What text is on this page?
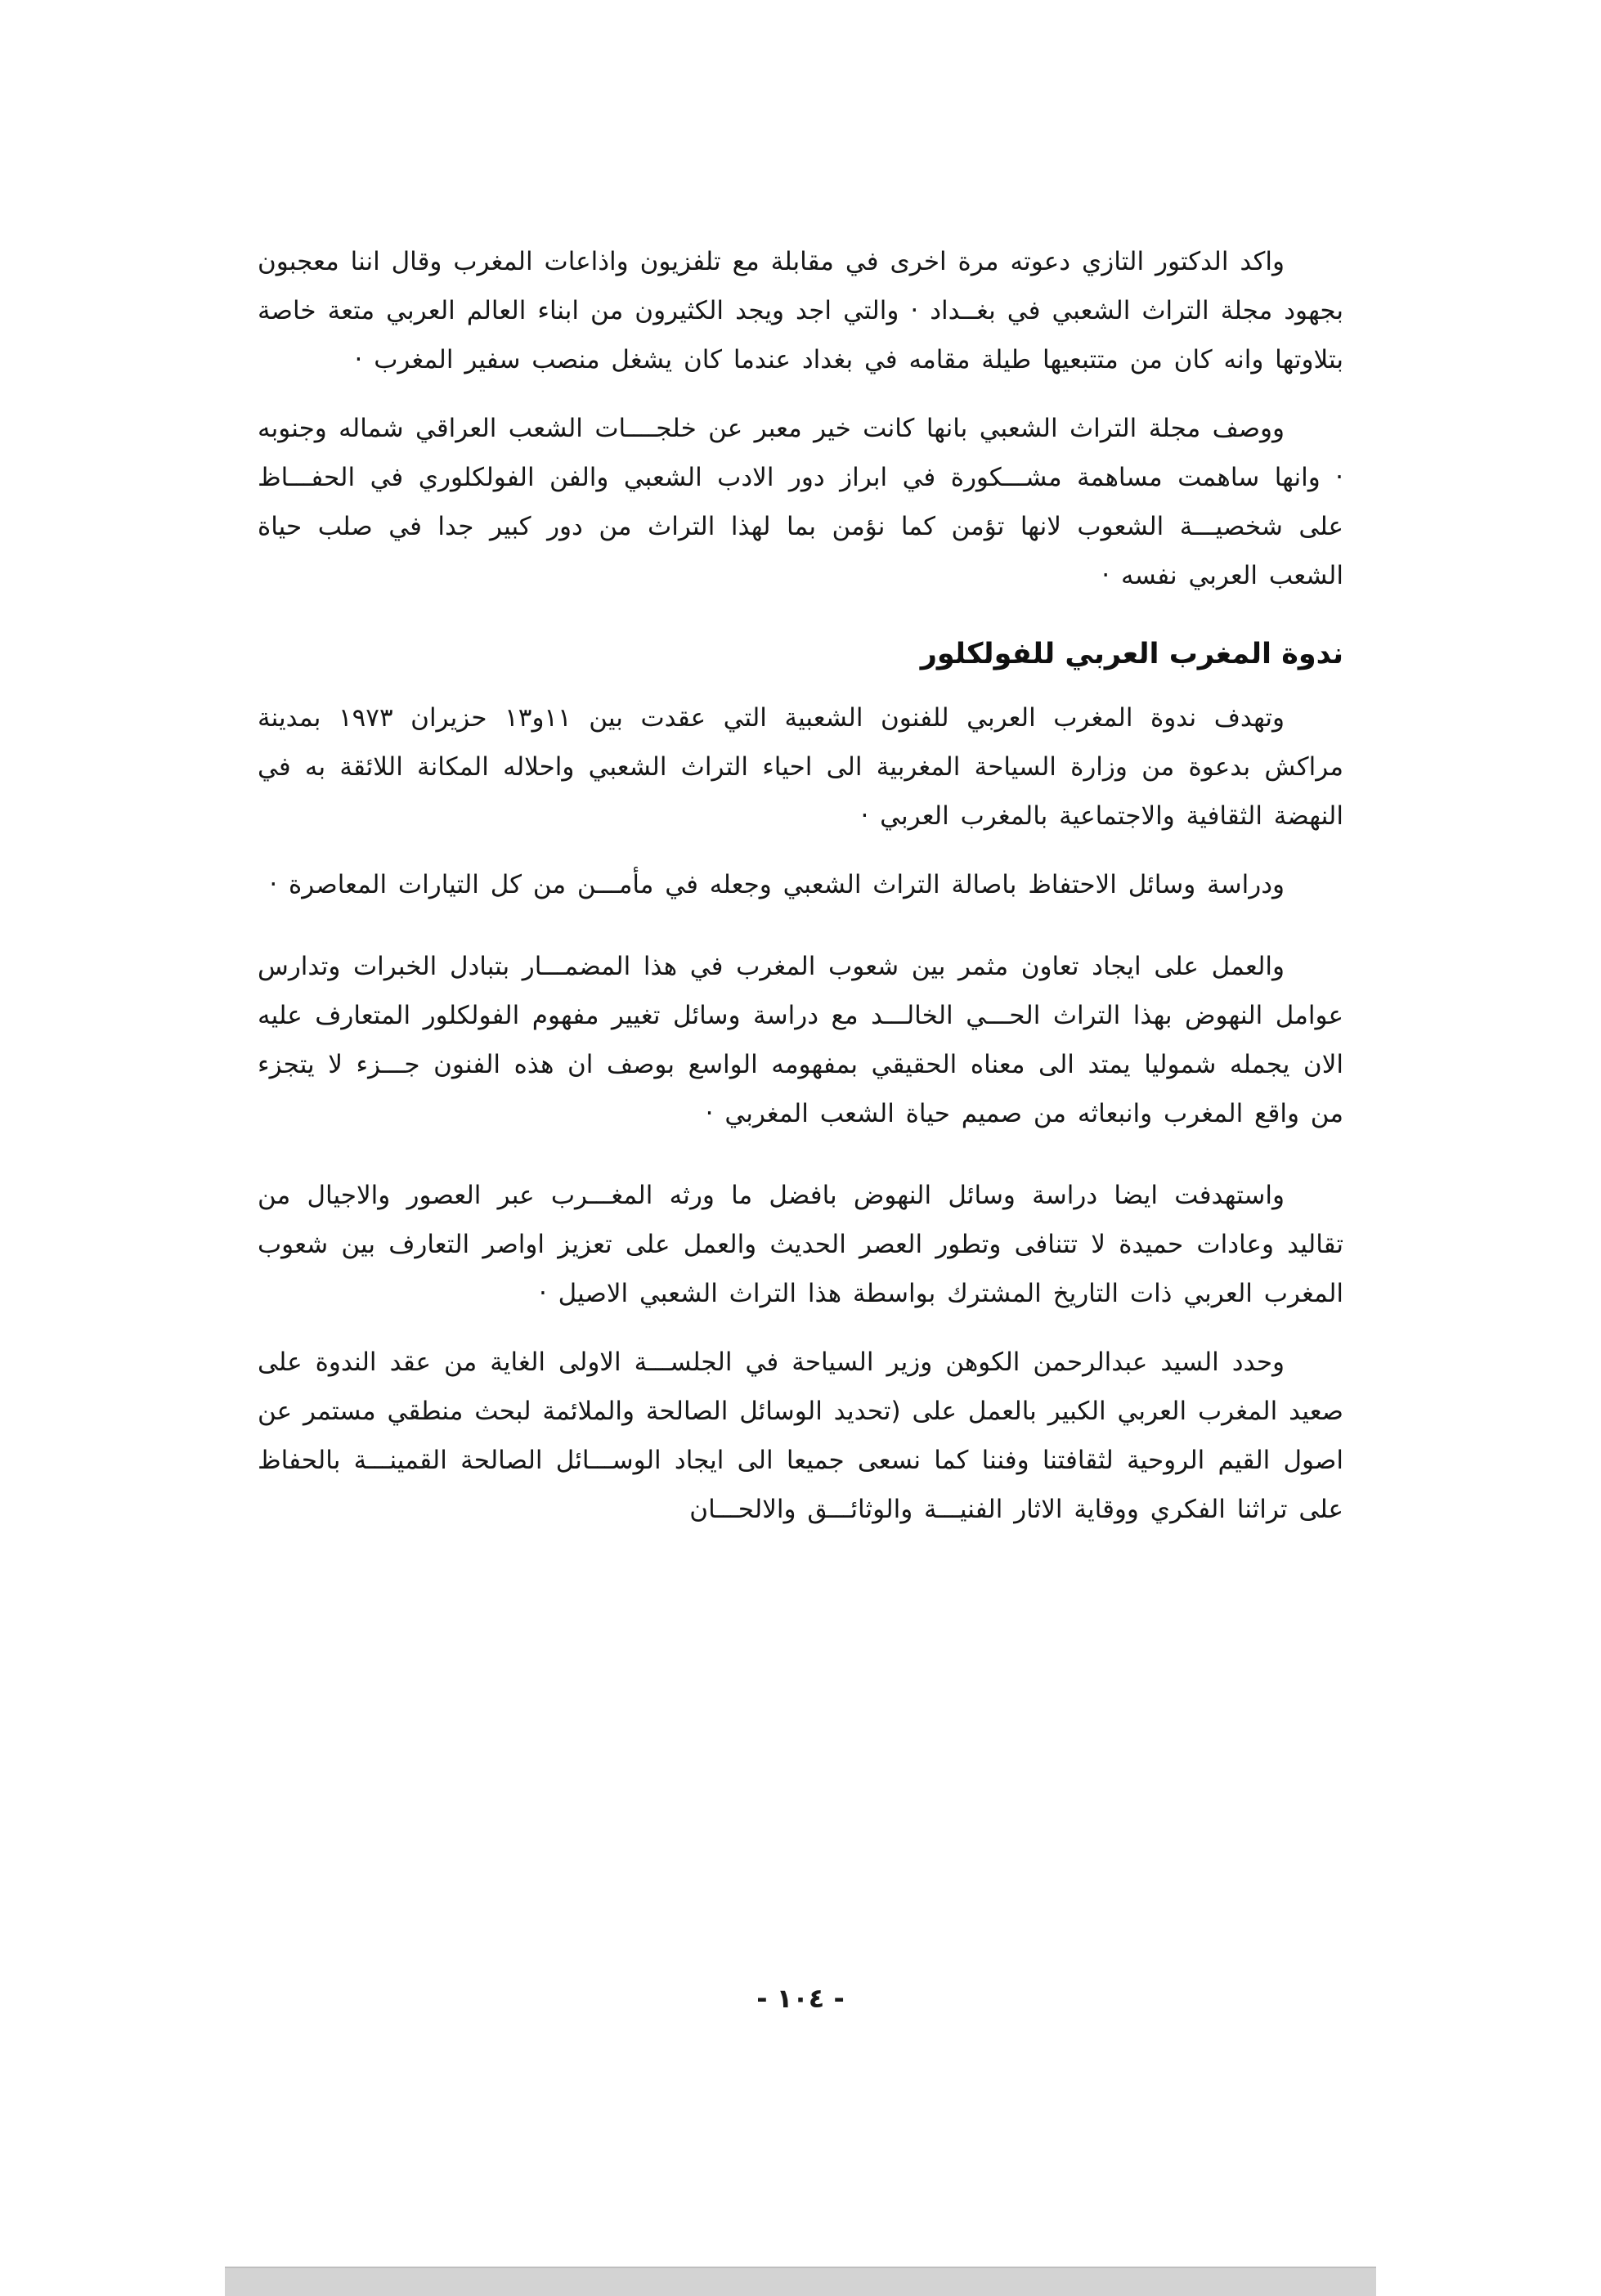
واكد الدكتور التازي دعوته مرة اخرى في مقابلة مع تلفزيون واذاعات المغرب وقال اننا معجبون بجهود مجلة التراث الشعبي في بغــداد · والتي اجد ويجد الكثيرون من ابناء العالم العربي متعة خاصة بتلاوتها وانه كان من متتبعيها طيلة مقامه في بغداد عندما كان يشغل منصب سفير المغرب ·

ووصف مجلة التراث الشعبي بانها كانت خير معبر عن خلجــــات الشعب العراقي شماله وجنوبه · وانها ساهمت مساهمة مشـــكورة في ابراز دور الادب الشعبي والفن الفولكلوري في الحفـــاظ على شخصيـــة الشعوب لانها تؤمن كما نؤمن بما لهذا التراث من دور كبير جدا في صلب حياة الشعب العربي نفسه ·

ندوة المغرب العربي للفولكلور

وتهدف ندوة المغرب العربي للفنون الشعبية التي عقدت بين ١١و١٣ حزيران ١٩٧٣ بمدينة مراكش بدعوة من وزارة السياحة المغربية الى احياء التراث الشعبي واحلاله المكانة اللائقة به في النهضة الثقافية والاجتماعية بالمغرب العربي ·

ودراسة وسائل الاحتفاظ باصالة التراث الشعبي وجعله في مأمـــن من كل التيارات المعاصرة ·

والعمل على ايجاد تعاون مثمر بين شعوب المغرب في هذا المضمـــار بتبادل الخبرات وتدارس عوامل النهوض بهذا التراث الحـــي الخالـــد مع دراسة وسائل تغيير مفهوم الفولكلور المتعارف عليه الان يجمله شموليا يمتد الى معناه الحقيقي بمفهومه الواسع بوصف ان هذه الفنون جـــزء لا يتجزء من واقع المغرب وانبعاثه من صميم حياة الشعب المغربي ·

واستهدفت ايضا دراسة وسائل النهوض بافضل ما ورثه المغـــرب عبر العصور والاجيال من تقاليد وعادات حميدة لا تتنافى وتطور العصر الحديث والعمل على تعزيز اواصر التعارف بين شعوب المغرب العربي ذات التاريخ المشترك بواسطة هذا التراث الشعبي الاصيل ·

وحدد السيد عبدالرحمن الكوهن وزير السياحة في الجلســـة الاولى الغاية من عقد الندوة على صعيد المغرب العربي الكبير بالعمل على (تحديد الوسائل الصالحة والملائمة لبحث منطقي مستمر عن اصول القيم الروحية لثقافتنا وفننا كما نسعى جميعا الى ايجاد الوســـائل الصالحة القمينـــة بالحفاظ على تراثنا الفكري ووقاية الاثار الفنيـــة والوثائـــق والالحـــان

- ١٠٤ -
